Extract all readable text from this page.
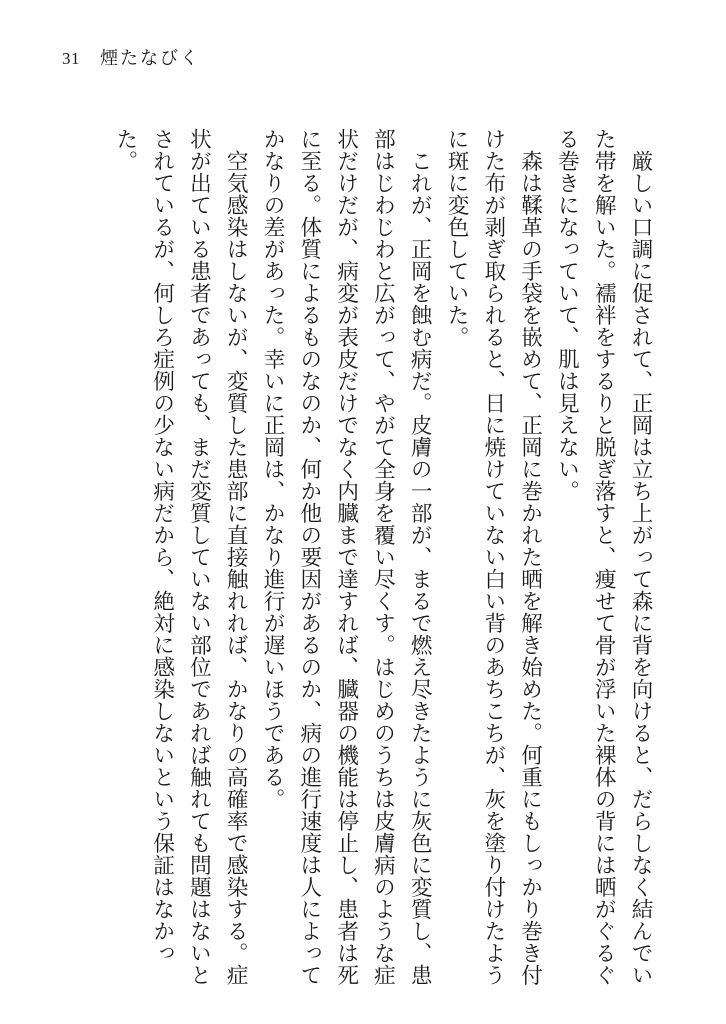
31 煙たなびく

厳しい口調に促されて、正岡は立ち上がって森に背を向けると、だらしなく結んでいた帯を解いた。襦袢をするりと脱ぎ落すと、痩せて骨が浮いた裸体の背には晒がぐるぐる巻きになっていて、肌は見えない。

森は鞣革の手袋を嵌めて、正岡に巻かれた晒を解き始めた。何重にもしっかり巻き付けた布が剥ぎ取られると、日に焼けていない白い背のあちこちが、灰を塗り付けたように斑に変色していた。

これが、正岡を蝕む病だ。皮膚の一部が、まるで燃え尽きたように灰色に変質し、患部はじわじわと広がって、やがて全身を覆い尽くす。はじめのうちは皮膚病のような症状だけだが、病変が表皮だけでなく内臓まで達すれば、臓器の機能は停止し、患者は死に至る。体質によるものなのか、何か他の要因があるのか、病の進行速度は人によってかなりの差があった。幸いに正岡は、かなり進行が遅いほうである。

空気感染はしないが、変質した患部に直接触れれば、かなりの高確率で感染する。症状が出ている患者であっても、まだ変質していない部位であれば触れても問題はないとされているが、何しろ症例の少ない病だから、絶対に感染しないという保証はなかった。
